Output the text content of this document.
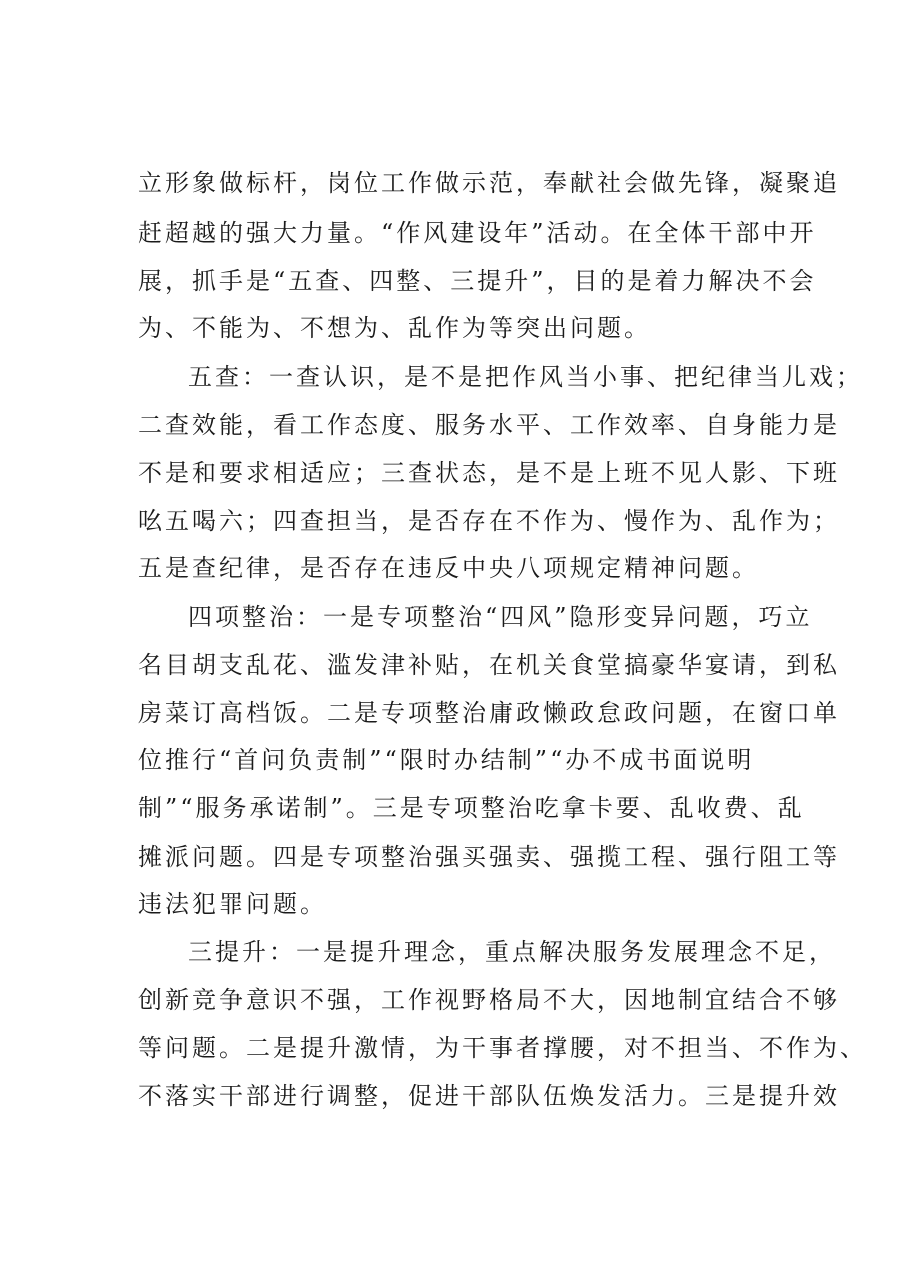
立形象做标杆，岗位工作做示范，奉献社会做先锋，凝聚追

赶超越的强大力量。“作风建设年”活动。在全体干部中开

展，抓手是“五查、四整、三提升”，目的是着力解决不会

为、不能为、不想为、乱作为等突出问题。

五查：一查认识，是不是把作风当小事、把纪律当儿戏；

二查效能，看工作态度、服务水平、工作效率、自身能力是

不是和要求相适应；三查状态，是不是上班不见人影、下班

吆五喝六；四查担当，是否存在不作为、慢作为、乱作为；

五是查纪律，是否存在违反中央八项规定精神问题。

四项整治：一是专项整治“四风”隐形变异问题，巧立

名目胡支乱花、滥发津补贴，在机关食堂搞豪华宴请，到私

房菜订高档饭。二是专项整治庸政懒政怠政问题，在窗口单

位推行“首问负责制”“限时办结制”“办不成书面说明

制”“服务承诺制”。三是专项整治吃拿卡要、乱收费、乱

摊派问题。四是专项整治强买强卖、强揽工程、强行阻工等

违法犯罪问题。

三提升：一是提升理念，重点解决服务发展理念不足，

创新竞争意识不强，工作视野格局不大，因地制宜结合不够

等问题。二是提升激情，为干事者撑腰，对不担当、不作为、

不落实干部进行调整，促进干部队伍焕发活力。三是提升效
